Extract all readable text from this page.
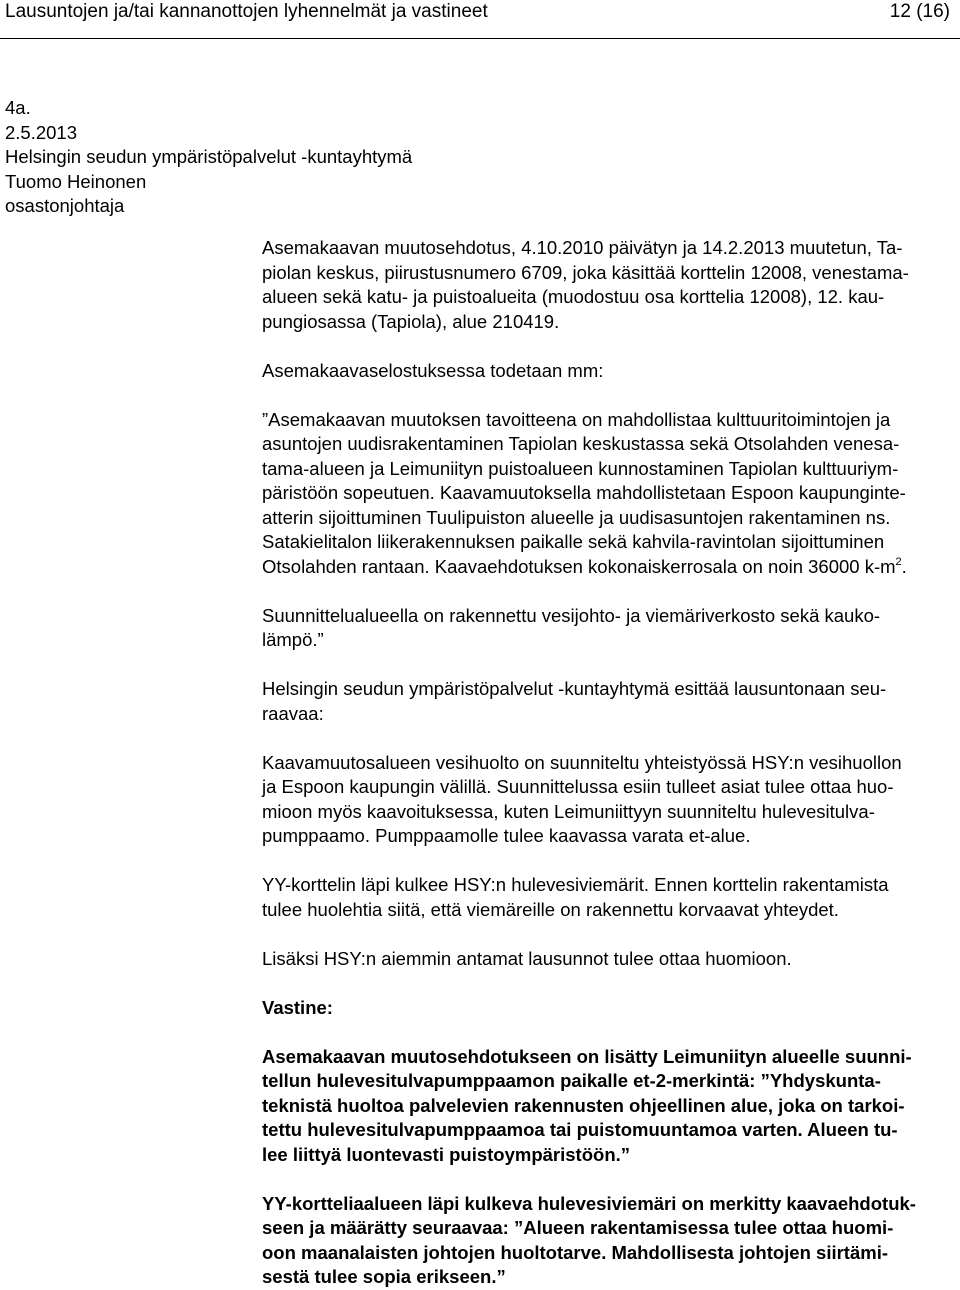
Lausuntojen ja/tai kannanottojen lyhennelmät ja vastineet	12 (16)
4a.
2.5.2013
Helsingin seudun ympäristöpalvelut -kuntayhtymä
Tuomo Heinonen
osastonjohtaja

Asemakaavan muutosehdotus, 4.10.2010 päivätyn ja 14.2.2013 muutetun, Ta-

piolan keskus, piirustusnumero 6709, joka käsittää korttelin 12008, venestama-

alueen sekä katu- ja puistoalueita (muodostuu osa korttelia 12008), 12. kau-

pungiosassa (Tapiola), alue 210419.

Asemakaavaselostuksessa todetaan mm:

”Asemakaavan muutoksen tavoitteena on mahdollistaa kulttuuritoimintojen ja

asuntojen uudisrakentaminen Tapiolan keskustassa sekä Otsolahden venesa-

tama-alueen ja Leimuniityn puistoalueen kunnostaminen Tapiolan kulttuuriym-

päristöön sopeutuen. Kaavamuutoksella mahdollistetaan Espoon kaupunginte-

atterin sijoittuminen Tuulipuiston alueelle ja uudisasuntojen rakentaminen ns.

Satakielitalon liikerakennuksen paikalle sekä kahvila-ravintolan sijoittuminen

Otsolahden rantaan. Kaavaehdotuksen kokonaiskerrosala on noin 36000 $k-m^2$.

Suunnittelualueella on rakennettu vesijohto- ja viemäriverkosto sekä kauko-

lämpö.”

Helsingin seudun ympäristöpalvelut -kuntayhtymä esittää lausuntonaan seu-

raavaa:

Kaavamuutosalueen vesihuolto on suunniteltu yhteistyössä HSY:n vesihuollon

ja Espoon kaupungin välillä. Suunnittelussa esiin tulleet asiat tulee ottaa huo-

mioon myös kaavoituksessa, kuten Leimuniittyyn suunniteltu hulevesitulva-

pumppaamo. Pumppaamolle tulee kaavassa varata et-alue.

YY-korttelin läpi kulkee HSY:n hulevesiviemärit. Ennen korttelin rakentamista

tulee huolehtia siitä, että viemäreille on rakennettu korvaavat yhteydet.

Lisäksi HSY:n aiemmin antamat lausunnot tulee ottaa huomioon.

Vastine:

Asemakaavan muutosehdotukseen on lisätty Leimuniityn alueelle suunni-

tellun hulevesitulvapumppaamon paikalle et-2-merkintä: ”Yhdyskunta-

teknistä huoltoa palvelevien rakennusten ohjeellinen alue, joka on tarkoi-

tettu hulevesitulvapumppaamoa tai puistomuuntamoa varten. Alueen tu-

lee liittyä luontevasti puistoympäristöön.”

YY-kortteliaalueen läpi kulkeva hulevesiviemäri on merkitty kaavaehdotuk-

seen ja määrätty seuraavaa: ”Alueen rakentamisessa tulee ottaa huomi-

oon maanalaisten johtojen huoltotarve. Mahdollisesta johtojen siirtämi-

sestä tulee sopia erikseen.”
